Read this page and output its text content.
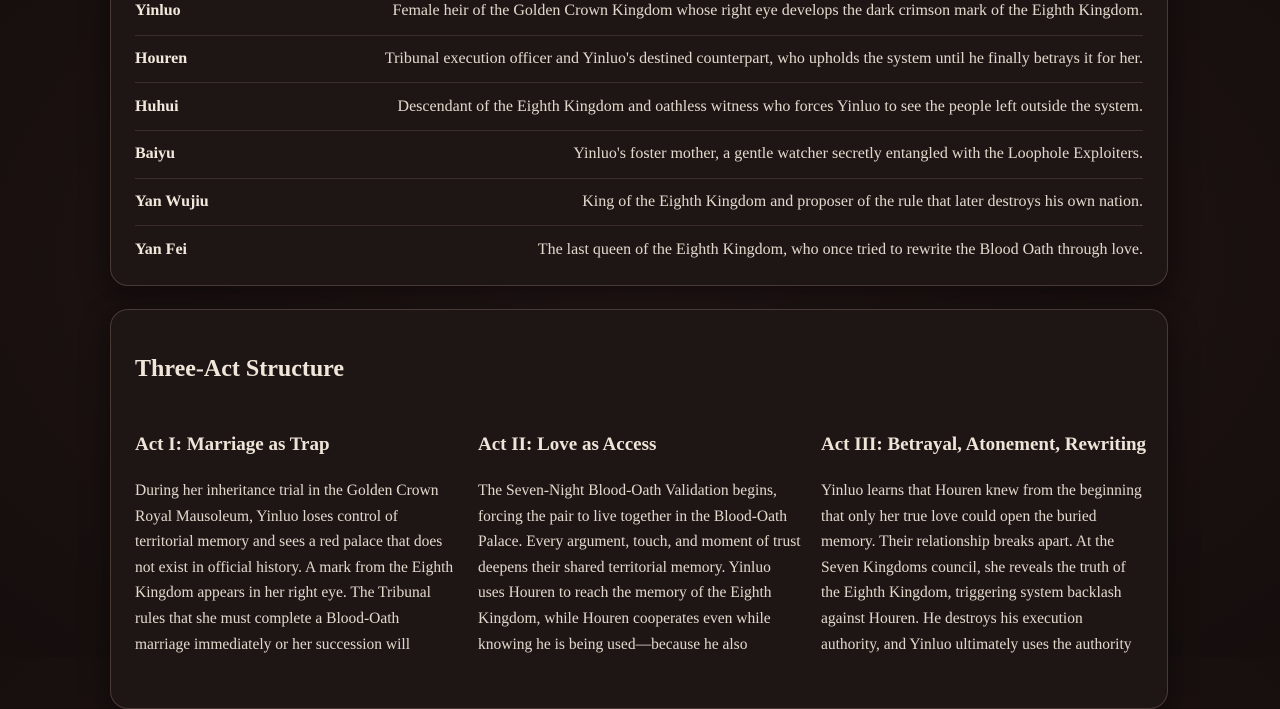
Yinluo	Female heir of the Golden Crown Kingdom whose right eye develops the dark crimson mark of the Eighth Kingdom.
Houren	Tribunal execution officer and Yinluo's destined counterpart, who upholds the system until he finally betrays it for her.
Huhui	Descendant of the Eighth Kingdom and oathless witness who forces Yinluo to see the people left outside the system.
Baiyu	Yinluo's foster mother, a gentle watcher secretly entangled with the Loophole Exploiters.
Yan Wujiu	King of the Eighth Kingdom and proposer of the rule that later destroys his own nation.
Yan Fei	The last queen of the Eighth Kingdom, who once tried to rewrite the Blood Oath through love.
Three-Act Structure
Act I: Marriage as Trap

During her inheritance trial in the Golden Crown Royal Mausoleum, Yinluo loses control of territorial memory and sees a red palace that does not exist in official history. A mark from the Eighth Kingdom appears in her right eye. The Tribunal rules that she must complete a Blood-Oath marriage immediately or her succession will

Act II: Love as Access

The Seven-Night Blood-Oath Validation begins, forcing the pair to live together in the Blood-Oath Palace. Every argument, touch, and moment of trust deepens their shared territorial memory. Yinluo uses Houren to reach the memory of the Eighth Kingdom, while Houren cooperates even while knowing he is being used—because he also

Act III: Betrayal, Atonement, Rewriting

Yinluo learns that Houren knew from the beginning that only her true love could open the buried memory. Their relationship breaks apart. At the Seven Kingdoms council, she reveals the truth of the Eighth Kingdom, triggering system backlash against Houren. He destroys his execution authority, and Yinluo ultimately uses the authority
